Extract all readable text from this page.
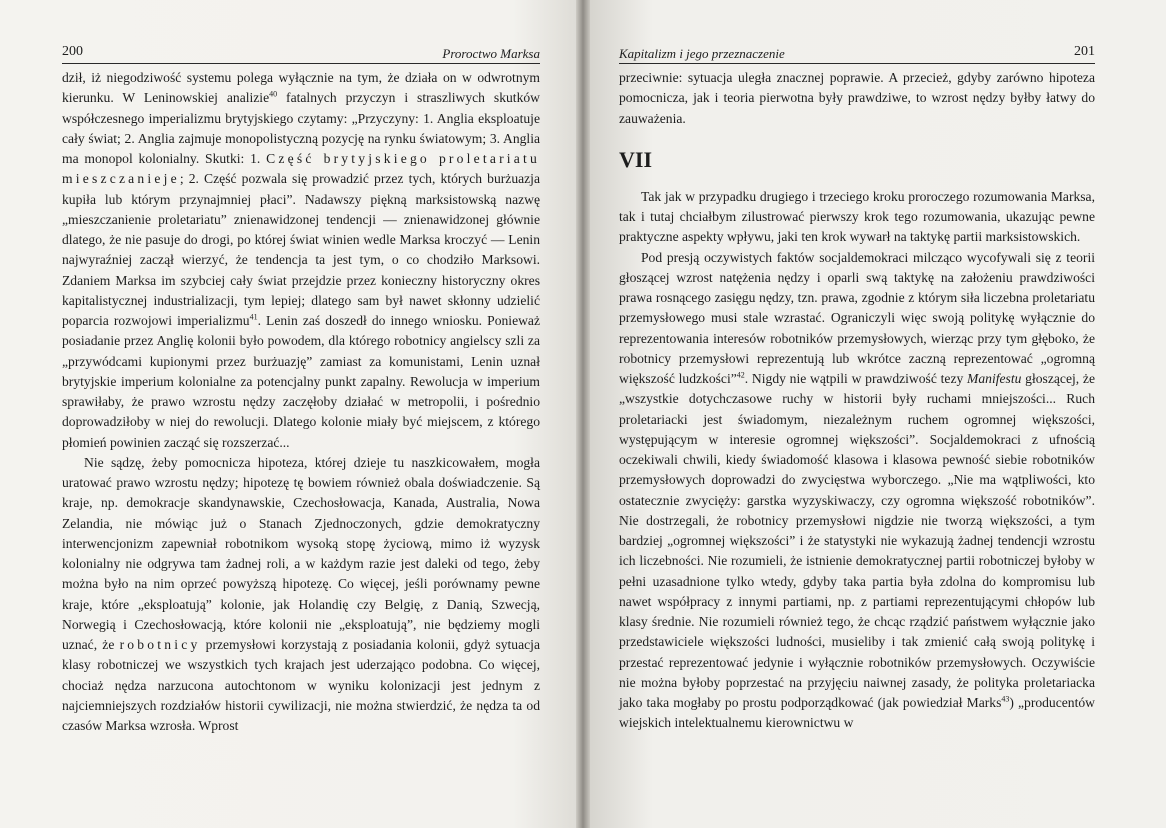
200	Proroctwo Marksa

dził, iż niegodziwość systemu polega wyłącznie na tym, że działa on w odwrotnym kierunku. W Leninowskiej analizie$^{40}$ fatalnych przyczyn i straszliwych skutków współczesnego imperializmu brytyjskiego czytamy: „Przyczyny: 1. Anglia eksploatuje cały świat; 2. Anglia zajmuje monopolistyczną pozycję na rynku światowym; 3. Anglia ma monopol kolonialny. Skutki: 1. Część brytyjskiego proletariatu mieszczanieje; 2. Część pozwala się prowadzić przez tych, których burżuazja kupiła lub którym przynajmniej płaci”. Nadawszy piękną marksistowską nazwę „mieszczanienie proletariatu” znienawidzonej tendencji — znienawidzonej głównie dlatego, że nie pasuje do drogi, po której świat winien wedle Marksa kroczyć — Lenin najwyraźniej zaczął wierzyć, że tendencja ta jest tym, o co chodziło Marksowi. Zdaniem Marksa im szybciej cały świat przejdzie przez konieczny historyczny okres kapitalistycznej industrializacji, tym lepiej; dlatego sam był nawet skłonny udzielić poparcia rozwojowi imperializmu$^{41}$. Lenin zaś doszedł do innego wniosku. Ponieważ posiadanie przez Anglię kolonii było powodem, dla którego robotnicy angielscy szli za „przywódcami kupionymi przez burżuazję” zamiast za komunistami, Lenin uznał brytyjskie imperium kolonialne za potencjalny punkt zapalny. Rewolucja w imperium sprawiłaby, że prawo wzrostu nędzy zaczęłoby działać w metropolii, i pośrednio doprowadziłoby w niej do rewolucji. Dlatego kolonie miały być miejscem, z którego płomień powinien zacząć się rozszerzać...

Nie sądzę, żeby pomocnicza hipoteza, której dzieje tu naszkicowałem, mogła uratować prawo wzrostu nędzy; hipotezę tę bowiem również obala doświadczenie. Są kraje, np. demokracje skandynawskie, Czechosłowacja, Kanada, Australia, Nowa Zelandia, nie mówiąc już o Stanach Zjednoczonych, gdzie demokratyczny interwencjonizm zapewniał robotnikom wysoką stopę życiową, mimo iż wyzysk kolonialny nie odgrywa tam żadnej roli, a w każdym razie jest daleki od tego, żeby można było na nim oprzeć powyższą hipotezę. Co więcej, jeśli porównamy pewne kraje, które „eksploatują” kolonie, jak Holandię czy Belgię, z Danią, Szwecją, Norwegią i Czechosłowacją, które kolonii nie „eksploatują”, nie będziemy mogli uznać, że robotnicy przemysłowi korzystają z posiadania kolonii, gdyż sytuacja klasy robotniczej we wszystkich tych krajach jest uderzająco podobna. Co więcej, chociaż nędza narzucona autochtonom w wyniku kolonizacji jest jednym z najciemniejszych rozdziałów historii cywilizacji, nie można stwierdzić, że nędza ta od czasów Marksa wzrosła. Wprost

Kapitalizm i jego przeznaczenie	201

przeciwnie: sytuacja uległa znacznej poprawie. A przecież, gdyby zarówno hipoteza pomocnicza, jak i teoria pierwotna były prawdziwe, to wzrost nędzy byłby łatwy do zauważenia.

VII

Tak jak w przypadku drugiego i trzeciego kroku proroczego rozumowania Marksa, tak i tutaj chciałbym zilustrować pierwszy krok tego rozumowania, ukazując pewne praktyczne aspekty wpływu, jaki ten krok wywarł na taktykę partii marksistowskich.

Pod presją oczywistych faktów socjaldemokraci milcząco wycofywali się z teorii głoszącej wzrost natężenia nędzy i oparli swą taktykę na założeniu prawdziwości prawa rosnącego zasięgu nędzy, tzn. prawa, zgodnie z którym siła liczebna proletariatu przemysłowego musi stale wzrastać. Ograniczyli więc swoją politykę wyłącznie do reprezentowania interesów robotników przemysłowych, wierząc przy tym głęboko, że robotnicy przemysłowi reprezentują lub wkrótce zaczną reprezentować „ogromną większość ludzkości”$^{42}$. Nigdy nie wątpili w prawdziwość tezy Manifestu głoszącej, że „wszystkie dotychczasowe ruchy w historii były ruchami mniejszości... Ruch proletariacki jest świadomym, niezależnym ruchem ogromnej większości, występującym w interesie ogromnej większości”. Socjaldemokraci z ufnością oczekiwali chwili, kiedy świadomość klasowa i klasowa pewność siebie robotników przemysłowych doprowadzi do zwycięstwa wyborczego. „Nie ma wątpliwości, kto ostatecznie zwycięży: garstka wyzyskiwaczy, czy ogromna większość robotników”. Nie dostrzegali, że robotnicy przemysłowi nigdzie nie tworzą większości, a tym bardziej „ogromnej większości” i że statystyki nie wykazują żadnej tendencji wzrostu ich liczebności. Nie rozumieli, że istnienie demokratycznej partii robotniczej byłoby w pełni uzasadnione tylko wtedy, gdyby taka partia była zdolna do kompromisu lub nawet współpracy z innymi partiami, np. z partiami reprezentującymi chłopów lub klasy średnie. Nie rozumieli również tego, że chcąc rządzić państwem wyłącznie jako przedstawiciele większości ludności, musieliby i tak zmienić całą swoją politykę i przestać reprezentować jedynie i wyłącznie robotników przemysłowych. Oczywiście nie można byłoby poprzestać na przyjęciu naiwnej zasady, że polityka proletariacka jako taka mogłaby po prostu podporządkować (jak powiedział Marks$^{43}$) „producentów wiejskich intelektualnemu kierownictwu w
